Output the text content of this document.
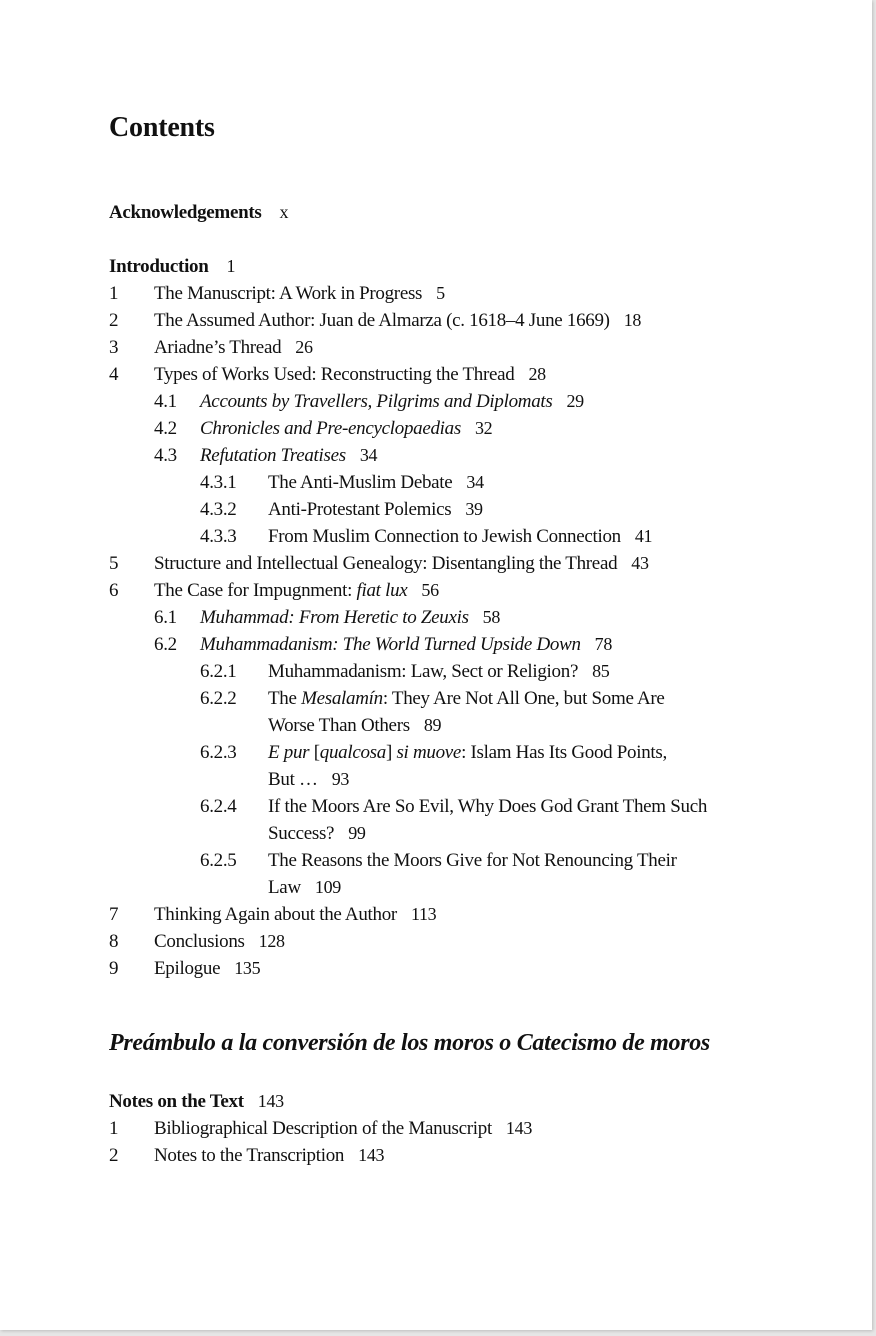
Contents
Acknowledgements x
Introduction 1
1 The Manuscript: A Work in Progress 5
2 The Assumed Author: Juan de Almarza (c. 1618–4 June 1669) 18
3 Ariadne’s Thread 26
4 Types of Works Used: Reconstructing the Thread 28
4.1 Accounts by Travellers, Pilgrims and Diplomats 29
4.2 Chronicles and Pre-encyclopaedias 32
4.3 Refutation Treatises 34
4.3.1 The Anti-Muslim Debate 34
4.3.2 Anti-Protestant Polemics 39
4.3.3 From Muslim Connection to Jewish Connection 41
5 Structure and Intellectual Genealogy: Disentangling the Thread 43
6 The Case for Impugnment: fiat lux 56
6.1 Muhammad: From Heretic to Zeuxis 58
6.2 Muhammadanism: The World Turned Upside Down 78
6.2.1 Muhammadanism: Law, Sect or Religion? 85
6.2.2 The Mesalamín: They Are Not All One, but Some Are
Worse Than Others 89
6.2.3 E pur [qualcosa] si muove: Islam Has Its Good Points,
But … 93
6.2.4 If the Moors Are So Evil, Why Does God Grant Them Such
Success? 99
6.2.5 The Reasons the Moors Give for Not Renouncing Their
Law 109
7 Thinking Again about the Author 113
8 Conclusions 128
9 Epilogue 135
Preámbulo a la conversión de los moros o Catecismo de moros
Notes on the Text 143
1 Bibliographical Description of the Manuscript 143
2 Notes to the Transcription 143
